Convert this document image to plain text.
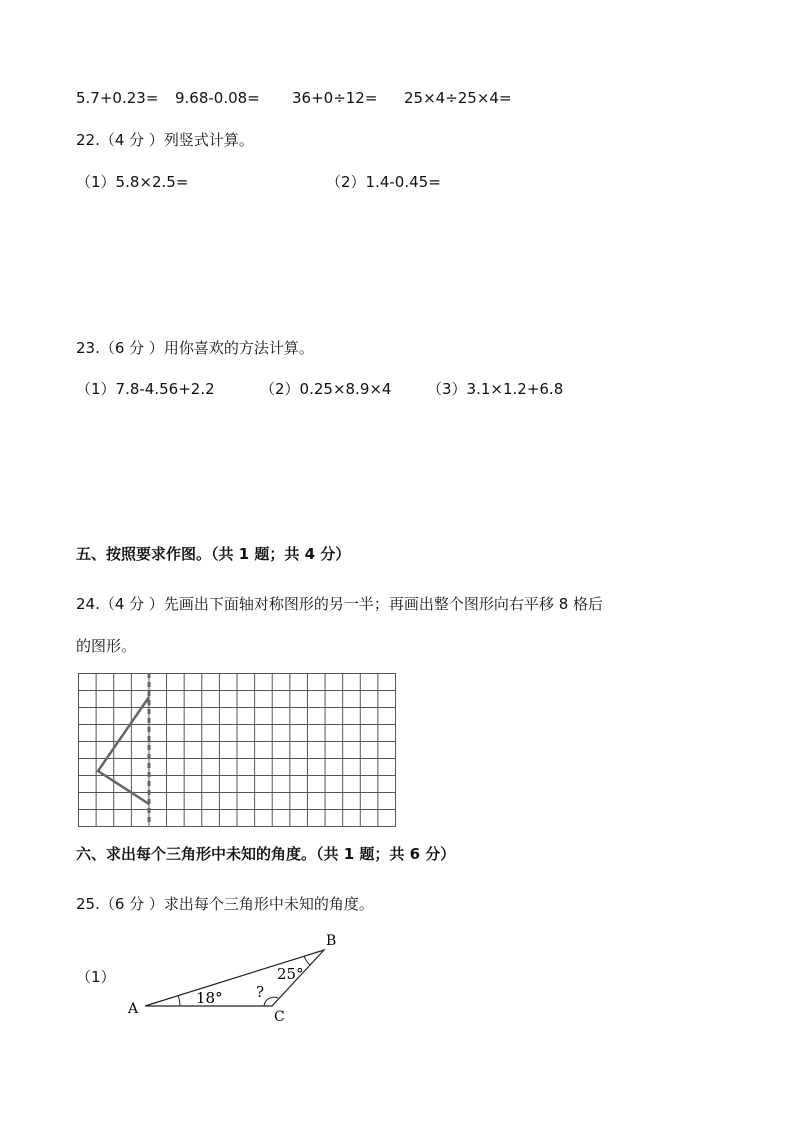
5.7+0.23= 9.68-0.08= 36+0÷12= 25×4÷25×4=
22.（4 分 ）列竖式计算。
（1）5.8×2.5=	（2）1.4-0.45=
23.（6 分 ）用你喜欢的方法计算。
（1）7.8-4.56+2.2	（2）0.25×8.9×4 （3）3.1×1.2+6.8
五、按照要求作图。（共 1 题；共 4 分）
24.（4 分 ）先画出下面轴对称图形的另一半；再画出整个图形向右平移 8 格后
的图形。
六、求出每个三角形中未知的角度。（共 1 题；共 6 分）
25.（6 分 ）求出每个三角形中未知的角度。
（1）
A
B
C
18°
25°
?
